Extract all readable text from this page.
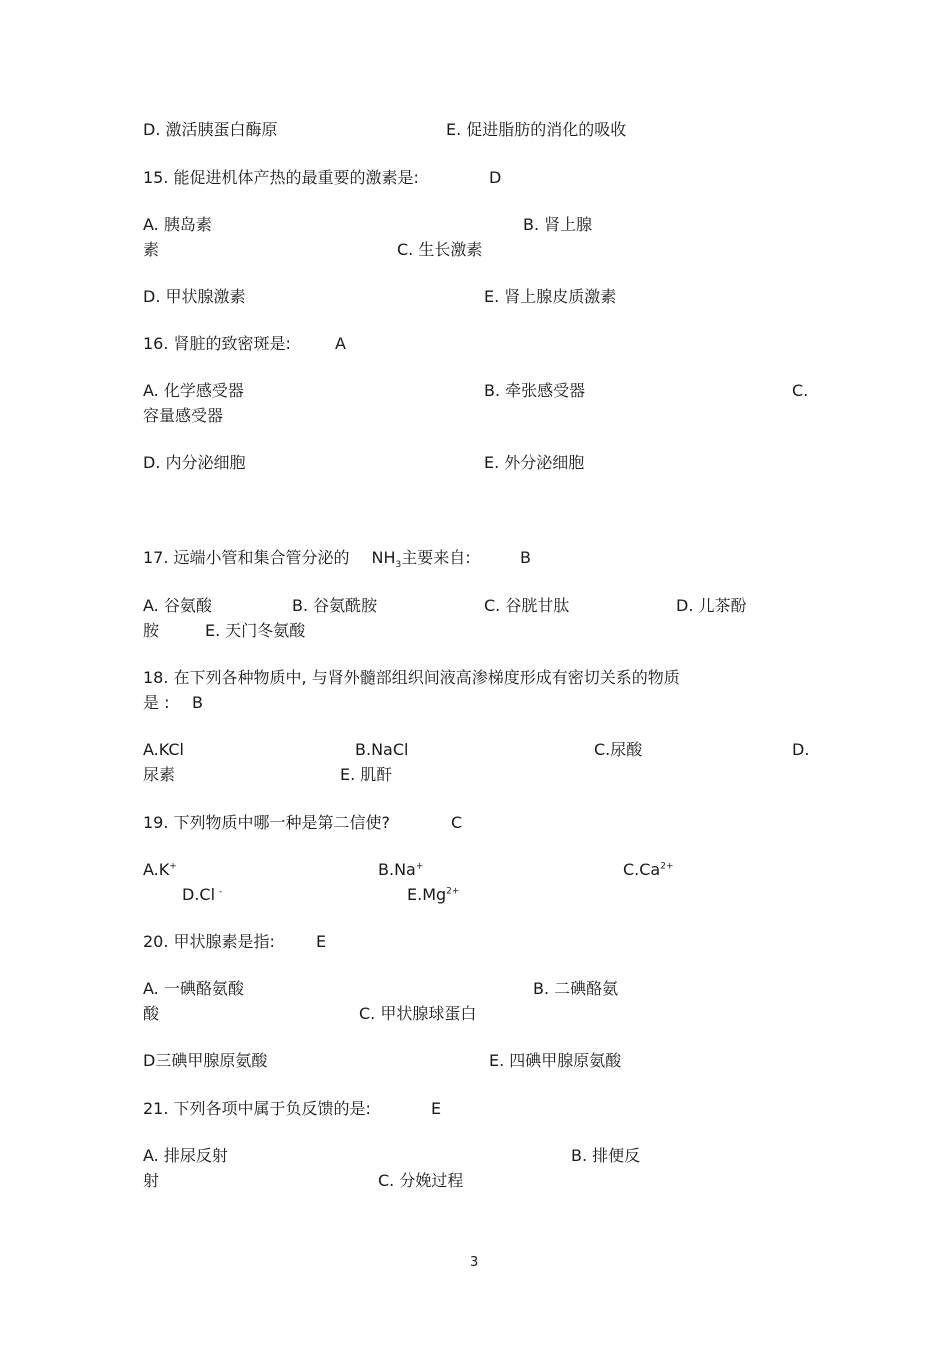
D. 激活胰蛋白酶原	E. 促进脂肪的消化的吸收
15. 能促进机体产热的最重要的激素是:	D
A. 胰岛素	B. 肾上腺
素	C. 生长激素
D. 甲状腺激素	E. 肾上腺皮质激素
16. 肾脏的致密斑是:	A
A. 化学感受器	B. 牵张感受器	C.
容量感受器
D. 内分泌细胞	E. 外分泌细胞
17. 远端小管和集合管分泌的 $NH_3$主要来自:	B
A. 谷氨酸	B. 谷氨酰胺	C. 谷胱甘肽	D. 儿茶酚
胺	E. 天门冬氨酸
18. 在下列各种物质中, 与肾外髓部组织间液高渗梯度形成有密切关系的物质
是 : B
A.KCl	B.NaCl	C.尿酸	D.
尿素	E. 肌酐
19. 下列物质中哪一种是第二信使?	C
A.K+	B.Na+	$C.Ca^{2+}$
D.Cl -	$E.Mg^{2+}$
20. 甲状腺素是指:	E
A. 一碘酪氨酸	B. 二碘酪氨
酸	C. 甲状腺球蛋白
D三碘甲腺原氨酸	E. 四碘甲腺原氨酸
21. 下列各项中属于负反馈的是:	E
A. 排尿反射	B. 排便反
射	C. 分娩过程
3
